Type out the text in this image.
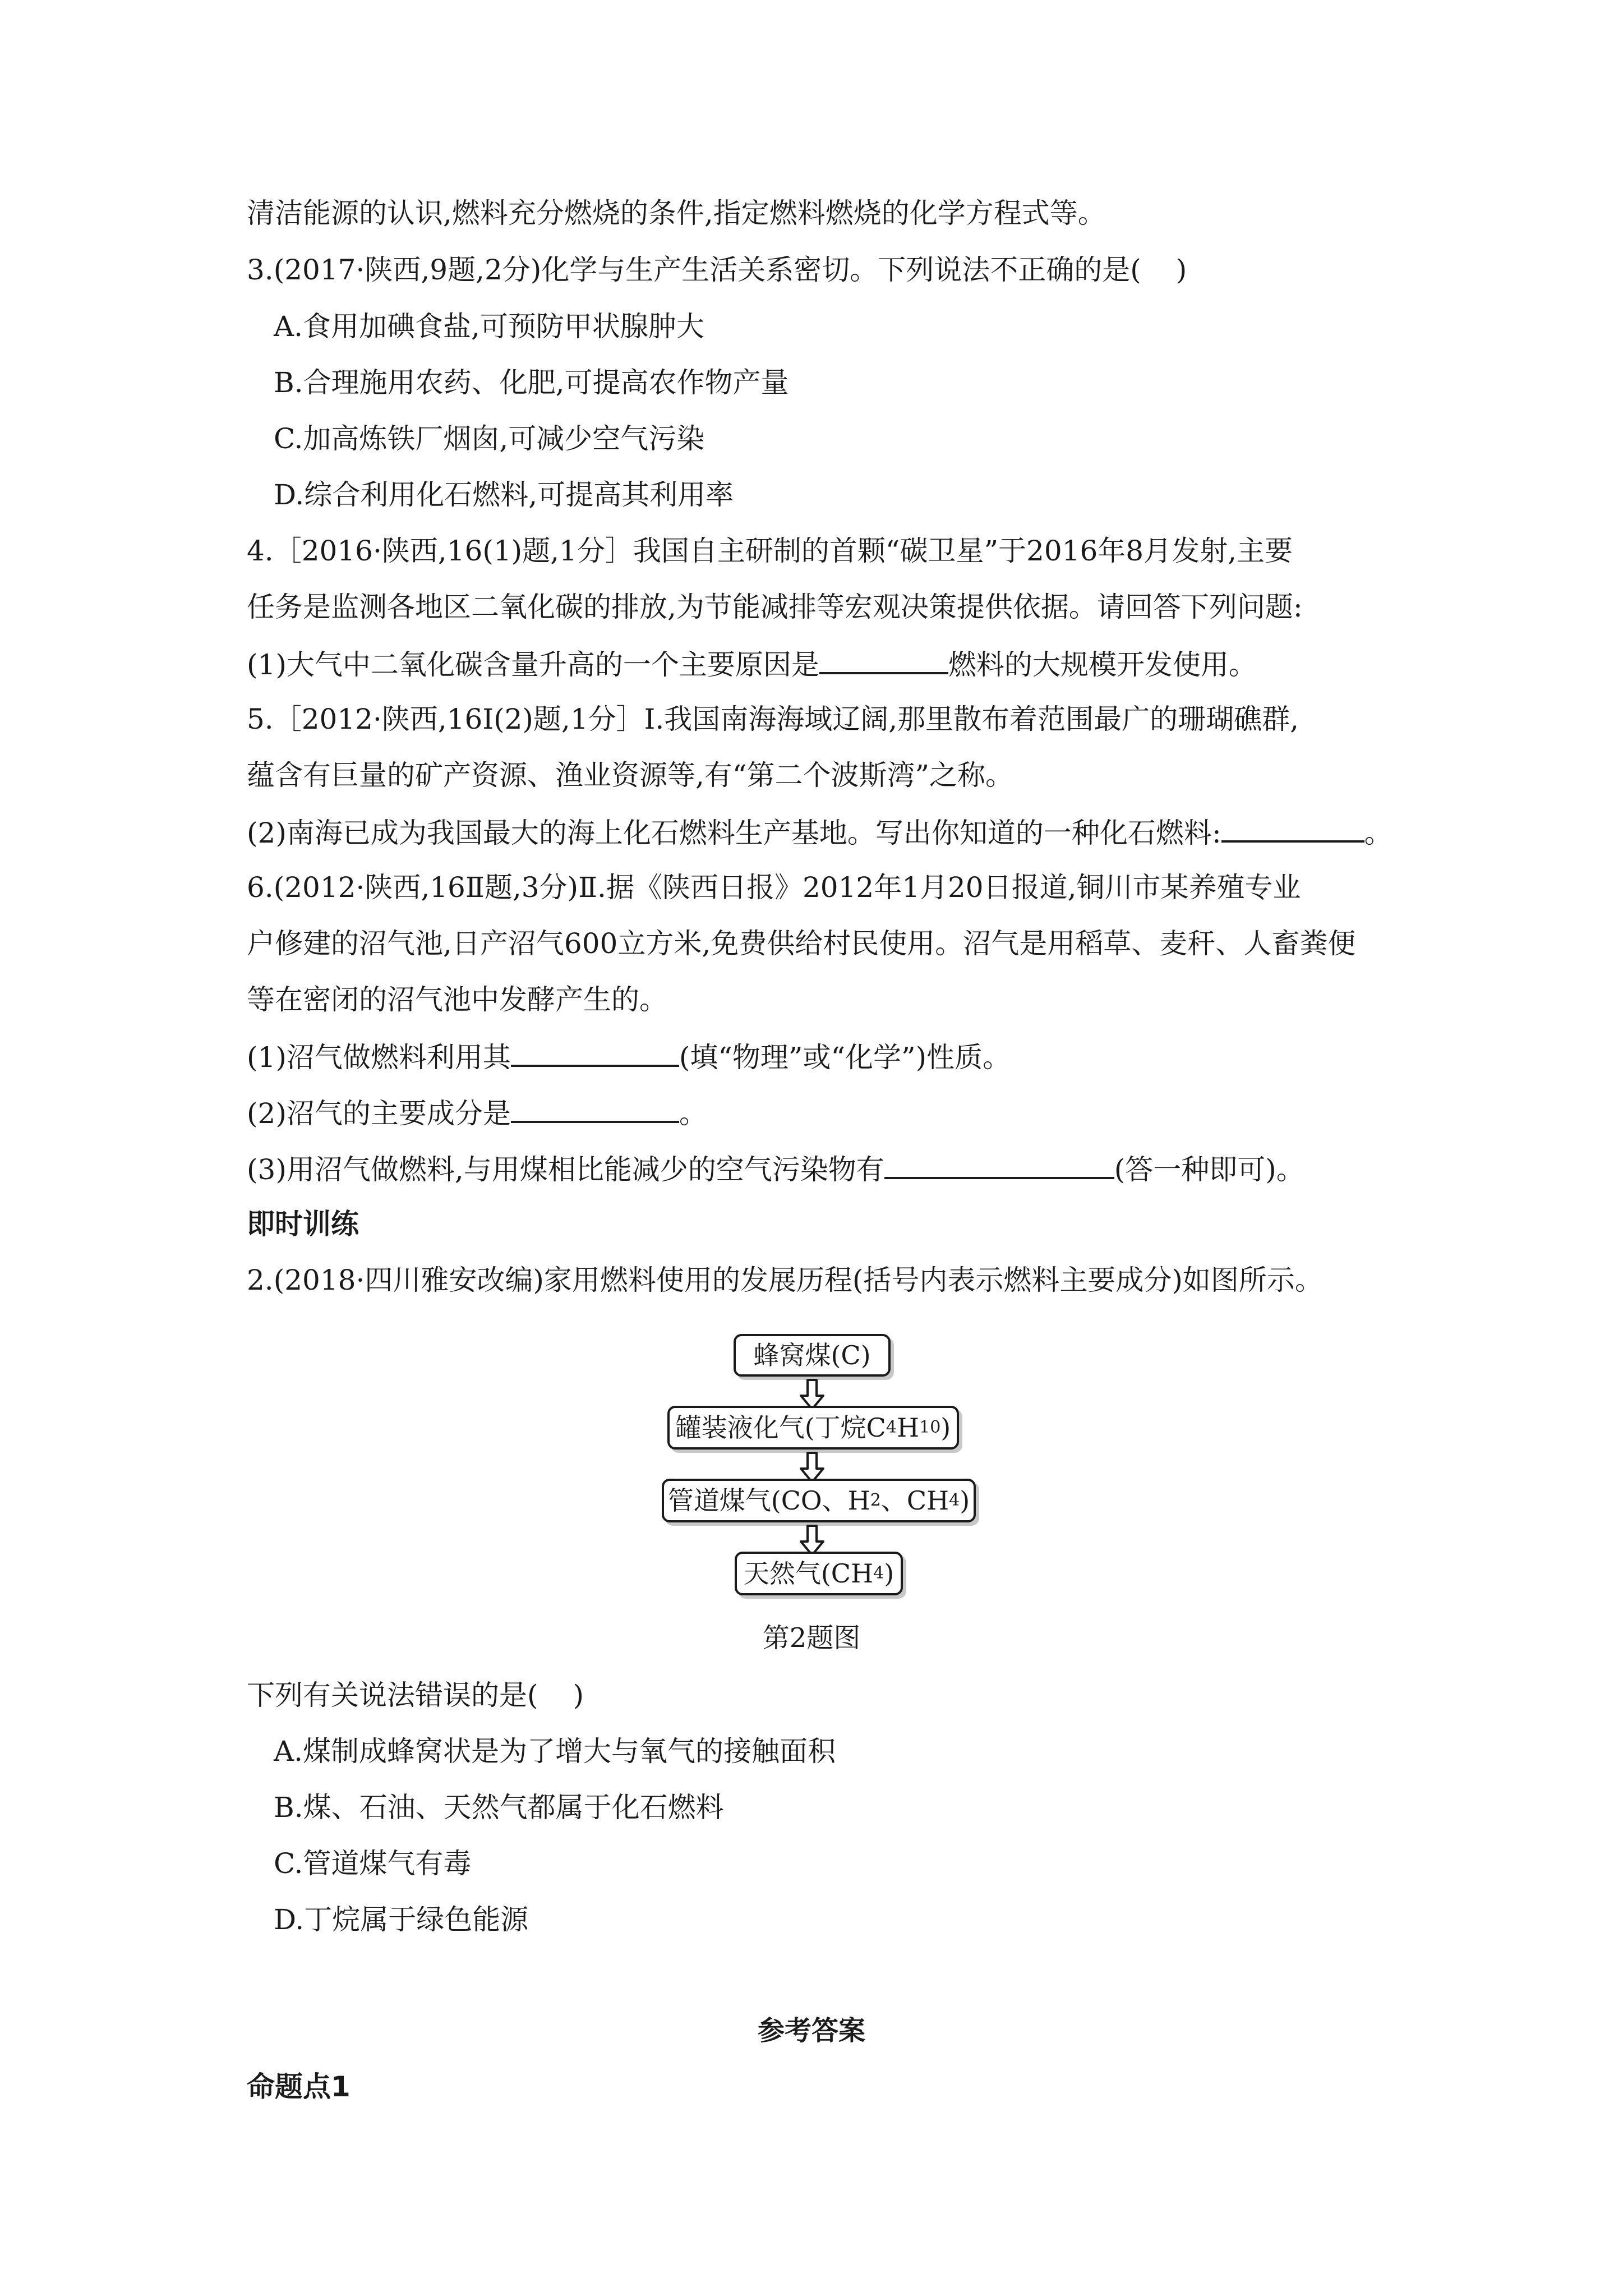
清洁能源的认识,燃料充分燃烧的条件,指定燃料燃烧的化学方程式等。

3.(2017·陕西,9题,2分)化学与生产生活关系密切。下列说法不正确的是( )

A.食用加碘食盐,可预防甲状腺肿大

B.合理施用农药、化肥,可提高农作物产量

C.加高炼铁厂烟囱,可减少空气污染

D.综合利用化石燃料,可提高其利用率

4.［2016·陕西,16(1)题,1分］我国自主研制的首颗“碳卫星”于2016年8月发射,主要

任务是监测各地区二氧化碳的排放,为节能减排等宏观决策提供依据。请回答下列问题:

(1)大气中二氧化碳含量升高的一个主要原因是	燃料的大规模开发使用。

5.［2012·陕西,16Ⅰ(2)题,1分］Ⅰ.我国南海海域辽阔,那里散布着范围最广的珊瑚礁群,

蕴含有巨量的矿产资源、渔业资源等,有“第二个波斯湾”之称。

(2)南海已成为我国最大的海上化石燃料生产基地。写出你知道的一种化石燃料:	。

6.(2012·陕西,16Ⅱ题,3分)Ⅱ.据《陕西日报》2012年1月20日报道,铜川市某养殖专业

户修建的沼气池,日产沼气600立方米,免费供给村民使用。沼气是用稻草、麦秆、人畜粪便

等在密闭的沼气池中发酵产生的。

(1)沼气做燃料利用其	(填“物理”或“化学”)性质。

(2)沼气的主要成分是	。

(3)用沼气做燃料,与用煤相比能减少的空气污染物有	(答一种即可)。

即时训练

2.(2018·四川雅安改编)家用燃料使用的发展历程(括号内表示燃料主要成分)如图所示。

蜂窝煤(C)
罐装液化气(丁烷C 4 H 10 )
管道煤气(CO、H 2 、CH 4 )
天然气(CH 4 )

第2题图

下列有关说法错误的是( )

A.煤制成蜂窝状是为了增大与氧气的接触面积

B.煤、石油、天然气都属于化石燃料

C.管道煤气有毒

D.丁烷属于绿色能源

参考答案

命题点1
